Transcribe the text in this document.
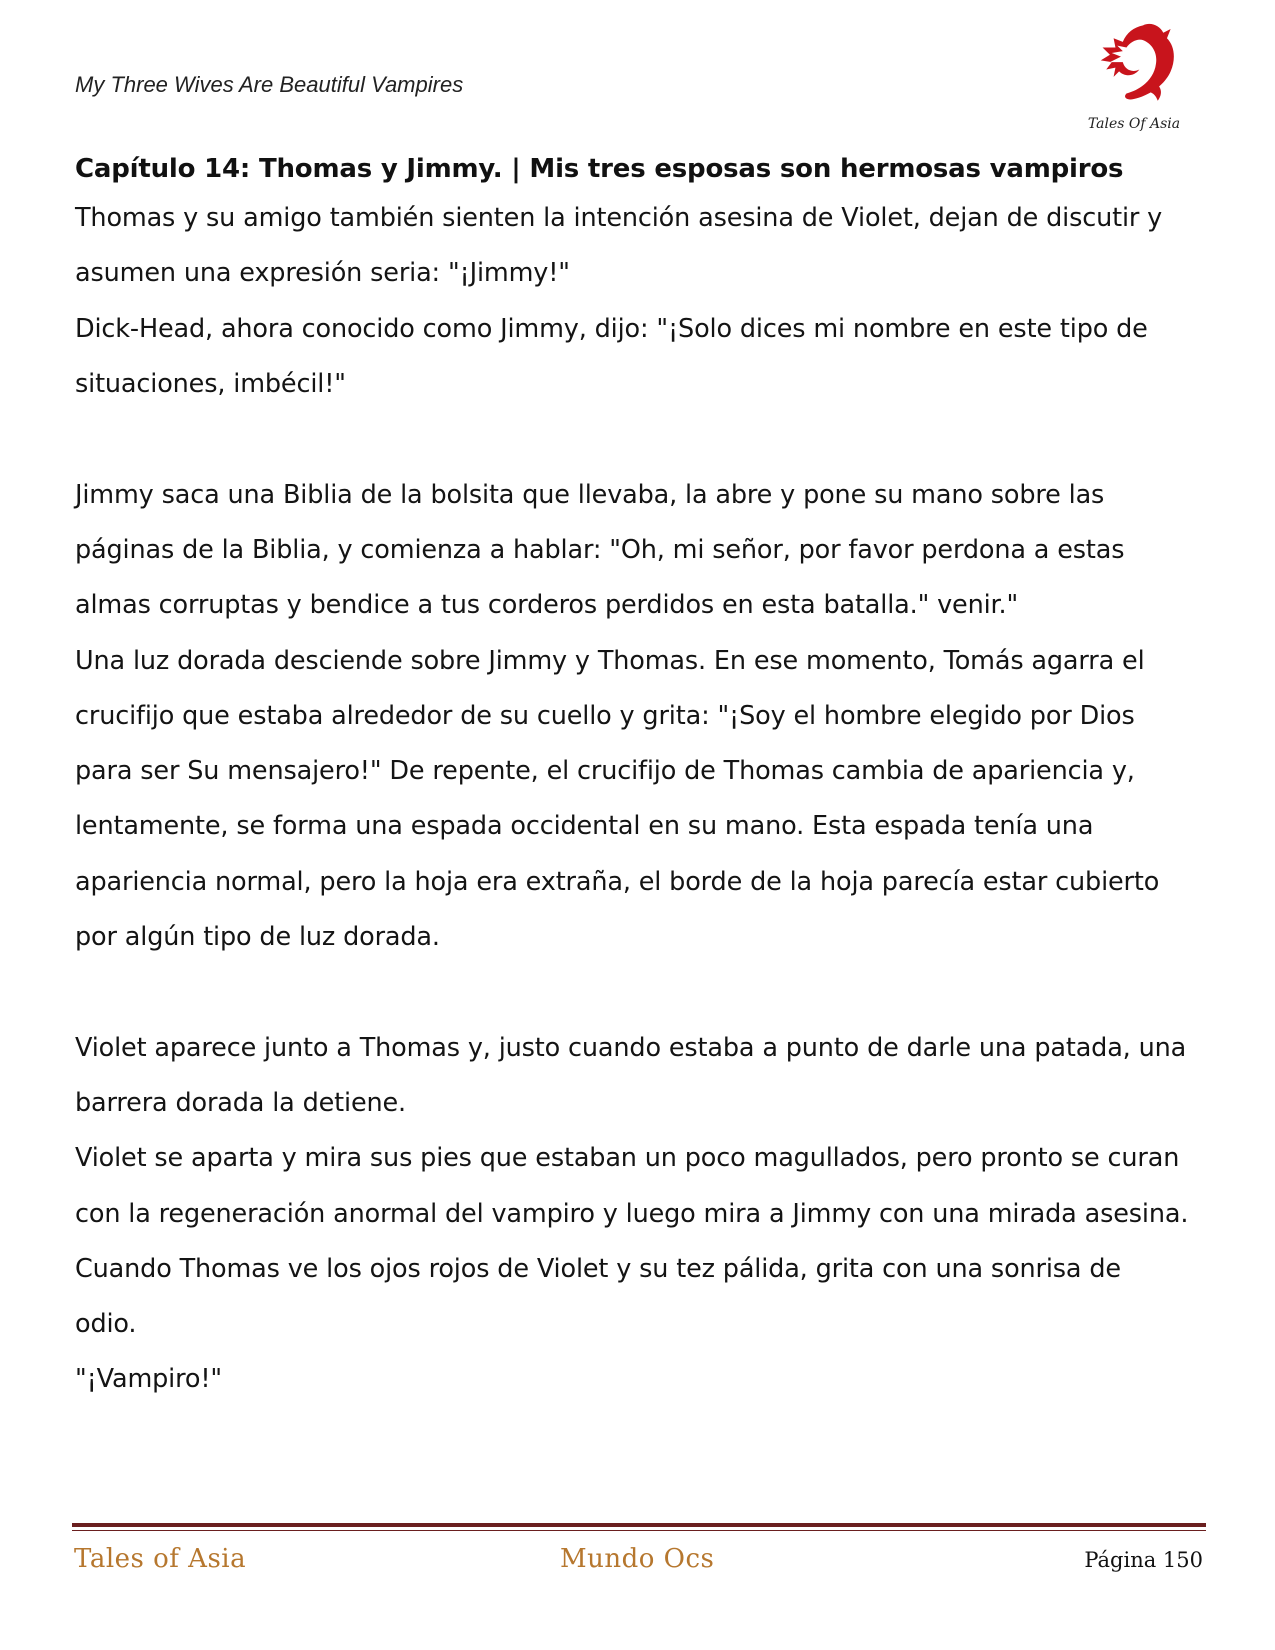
My Three Wives Are Beautiful Vampires
Tales Of Asia
Capítulo 14: Thomas y Jimmy. | Mis tres esposas son hermosas vampiros
Thomas y su amigo también sienten la intención asesina de Violet, dejan de discutir y
asumen una expresión seria: "¡Jimmy!"
Dick-Head, ahora conocido como Jimmy, dijo: "¡Solo dices mi nombre en este tipo de
situaciones, imbécil!"
Jimmy saca una Biblia de la bolsita que llevaba, la abre y pone su mano sobre las
páginas de la Biblia, y comienza a hablar: "Oh, mi señor, por favor perdona a estas
almas corruptas y bendice a tus corderos perdidos en esta batalla." venir."
Una luz dorada desciende sobre Jimmy y Thomas. En ese momento, Tomás agarra el
crucifijo que estaba alrededor de su cuello y grita: "¡Soy el hombre elegido por Dios
para ser Su mensajero!" De repente, el crucifijo de Thomas cambia de apariencia y,
lentamente, se forma una espada occidental en su mano. Esta espada tenía una
apariencia normal, pero la hoja era extraña, el borde de la hoja parecía estar cubierto
por algún tipo de luz dorada.
Violet aparece junto a Thomas y, justo cuando estaba a punto de darle una patada, una
barrera dorada la detiene.
Violet se aparta y mira sus pies que estaban un poco magullados, pero pronto se curan
con la regeneración anormal del vampiro y luego mira a Jimmy con una mirada asesina.
Cuando Thomas ve los ojos rojos de Violet y su tez pálida, grita con una sonrisa de
odio.
"¡Vampiro!"
Tales of Asia	Mundo Ocs	Página 150
